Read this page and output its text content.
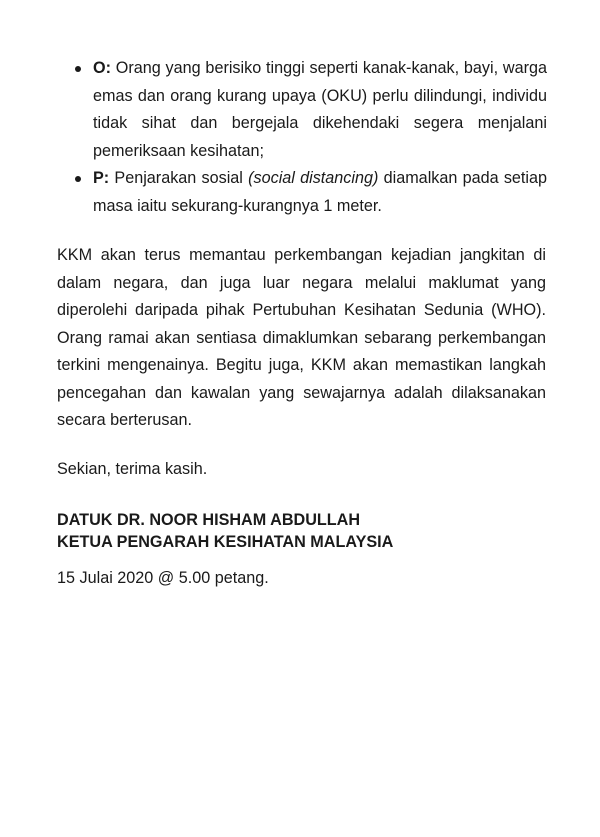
O: Orang yang berisiko tinggi seperti kanak-kanak, bayi, warga emas dan orang kurang upaya (OKU) perlu dilindungi, individu tidak sihat dan bergejala dikehendaki segera menjalani pemeriksaan kesihatan;
P: Penjarakan sosial (social distancing) diamalkan pada setiap masa iaitu sekurang-kurangnya 1 meter.

KKM akan terus memantau perkembangan kejadian jangkitan di dalam negara, dan juga luar negara melalui maklumat yang diperolehi daripada pihak Pertubuhan Kesihatan Sedunia (WHO). Orang ramai akan sentiasa dimaklumkan sebarang perkembangan terkini mengenainya. Begitu juga, KKM akan memastikan langkah pencegahan dan kawalan yang sewajarnya adalah dilaksanakan secara berterusan.

Sekian, terima kasih.

DATUK DR. NOOR HISHAM ABDULLAH

KETUA PENGARAH KESIHATAN MALAYSIA

15 Julai 2020 @ 5.00 petang.
